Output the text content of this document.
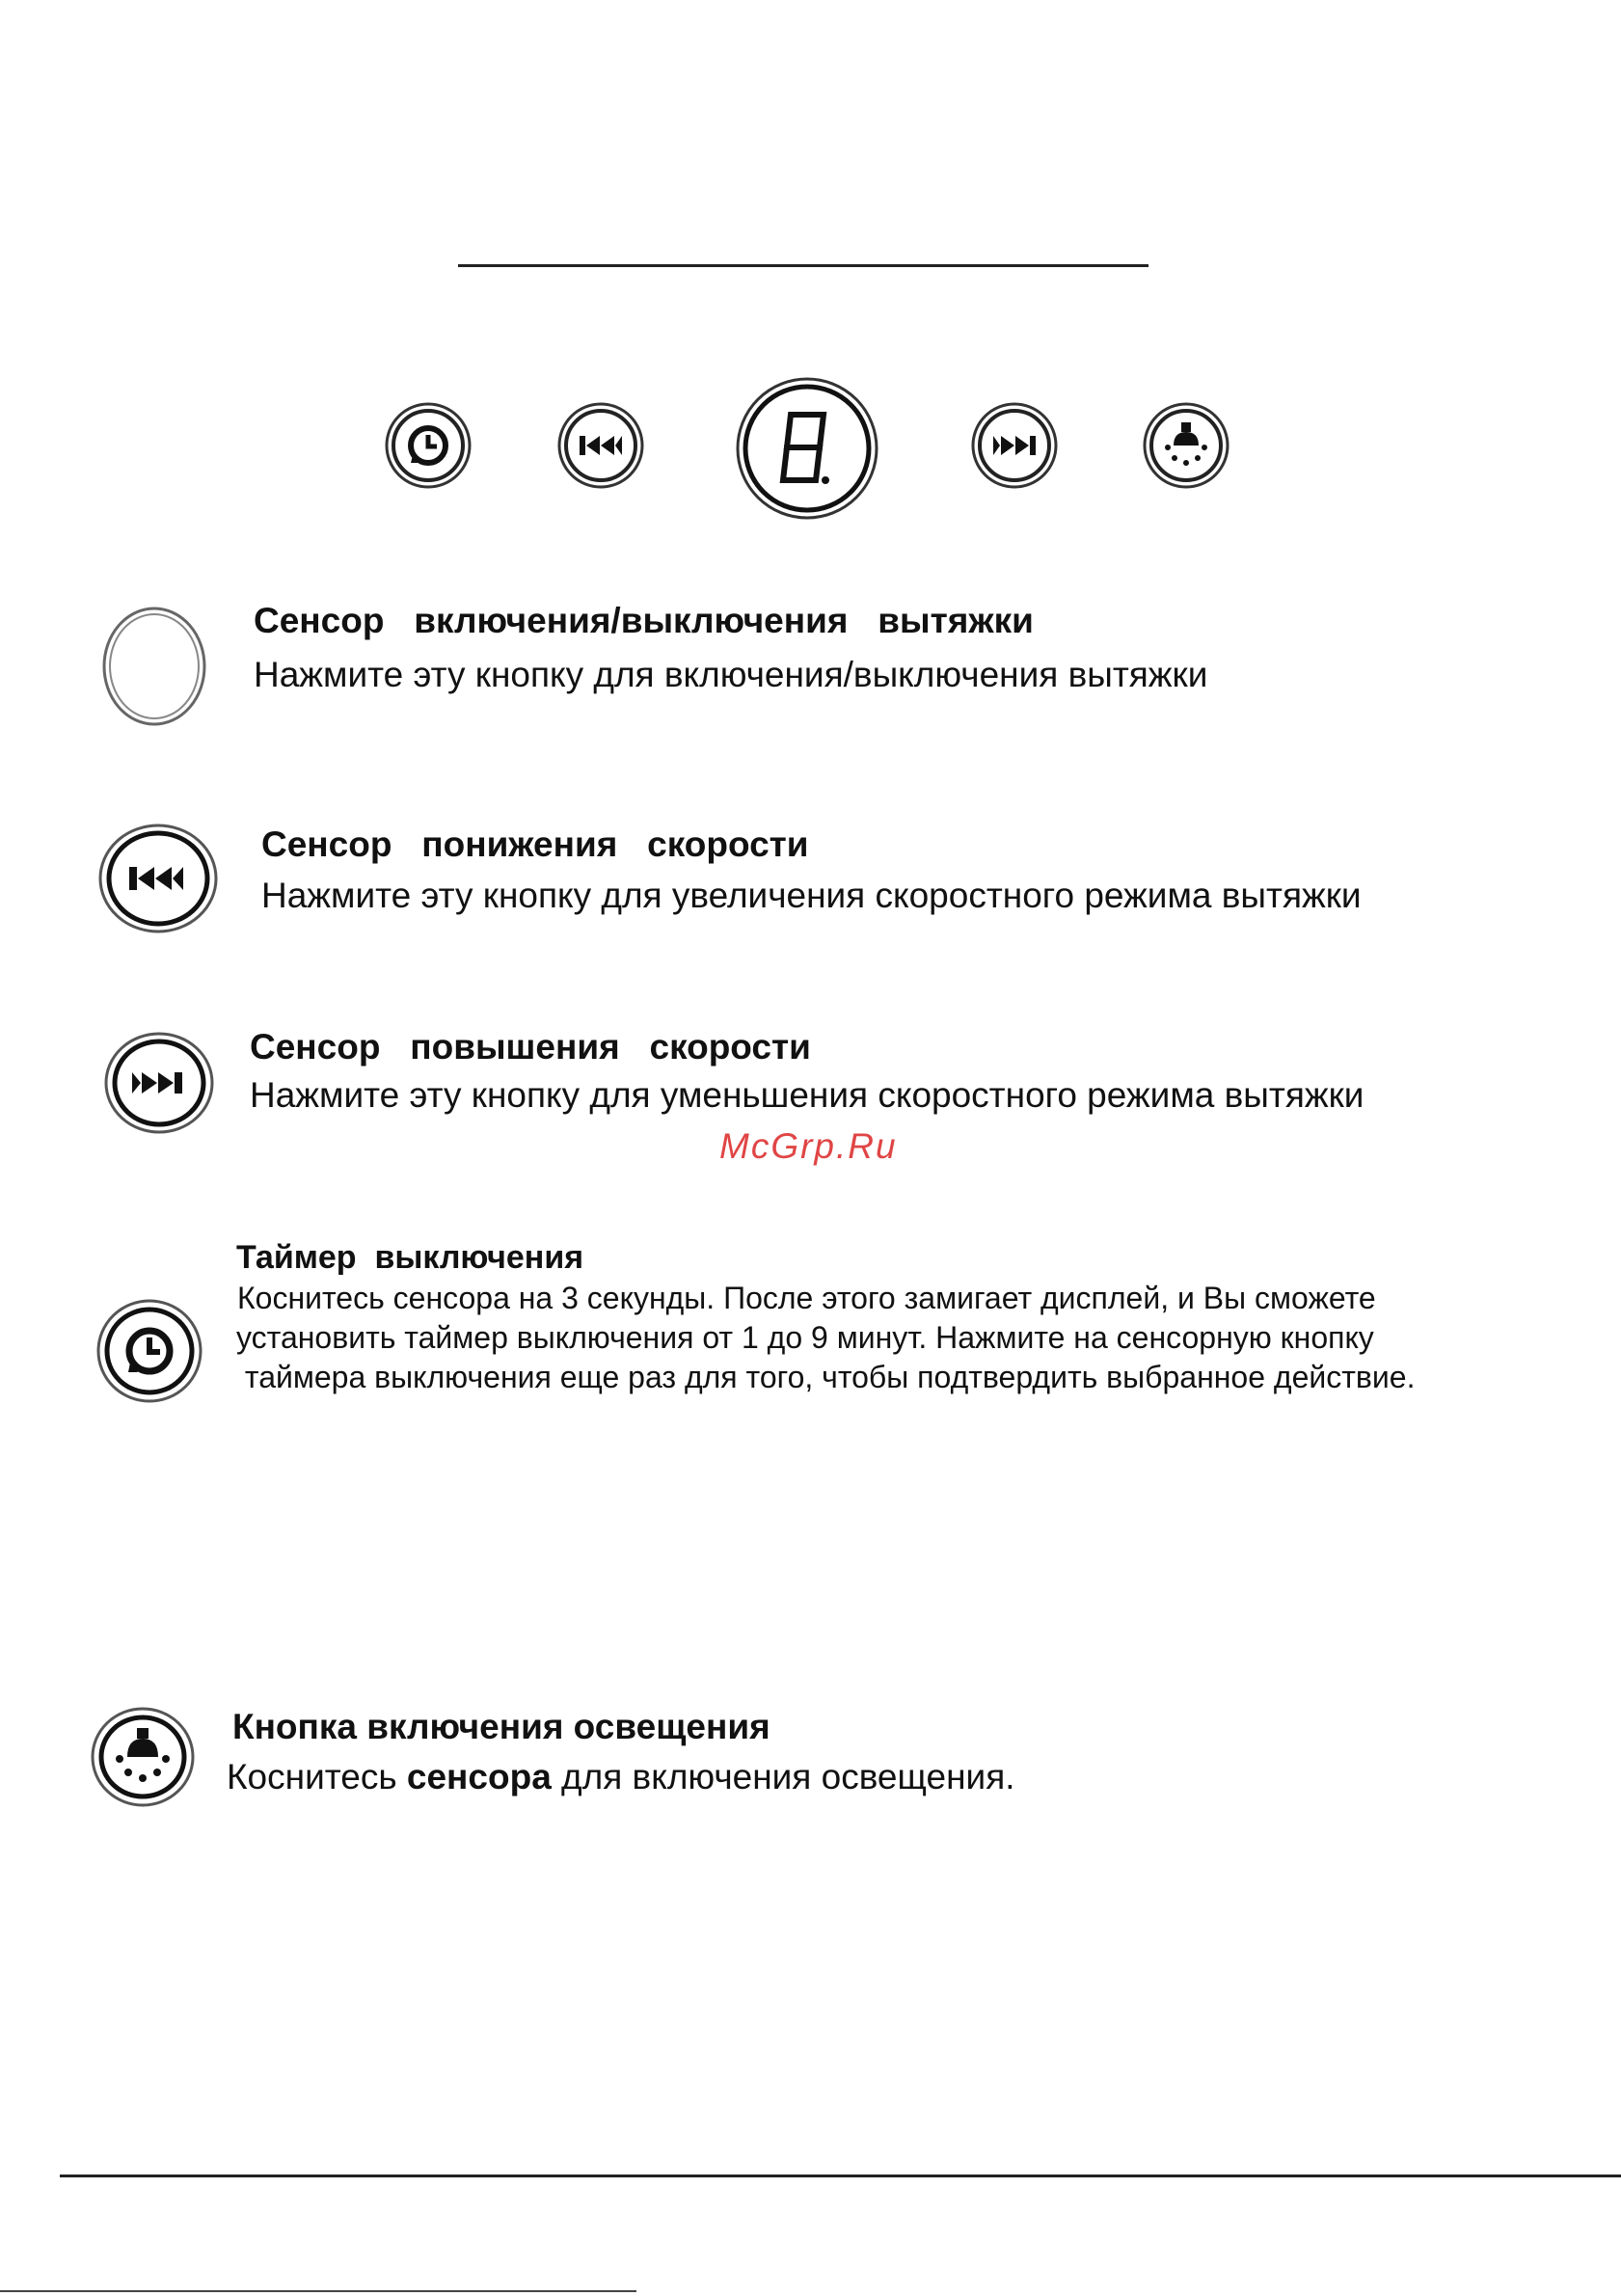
Сенсор   включения/выключения   вытяжки
Нажмите эту кнопку для включения/выключения вытяжки
Сенсор   понижения   скорости
Нажмите эту кнопку для увеличения скоростного режима вытяжки
Сенсор   повышения   скорости
Нажмите эту кнопку для уменьшения скоростного режима вытяжки
McGrp.Ru
Таймер  выключения
Коснитесь сенсора на 3 секунды. После этого замигает дисплей, и Вы сможете
установить таймер выключения от 1 до 9 минут. Нажмите на сенсорную кнопку
таймера выключения еще раз для того, чтобы подтвердить выбранное действие.
Кнопка включения освещения
Коснитесь сенсора для включения освещения.
